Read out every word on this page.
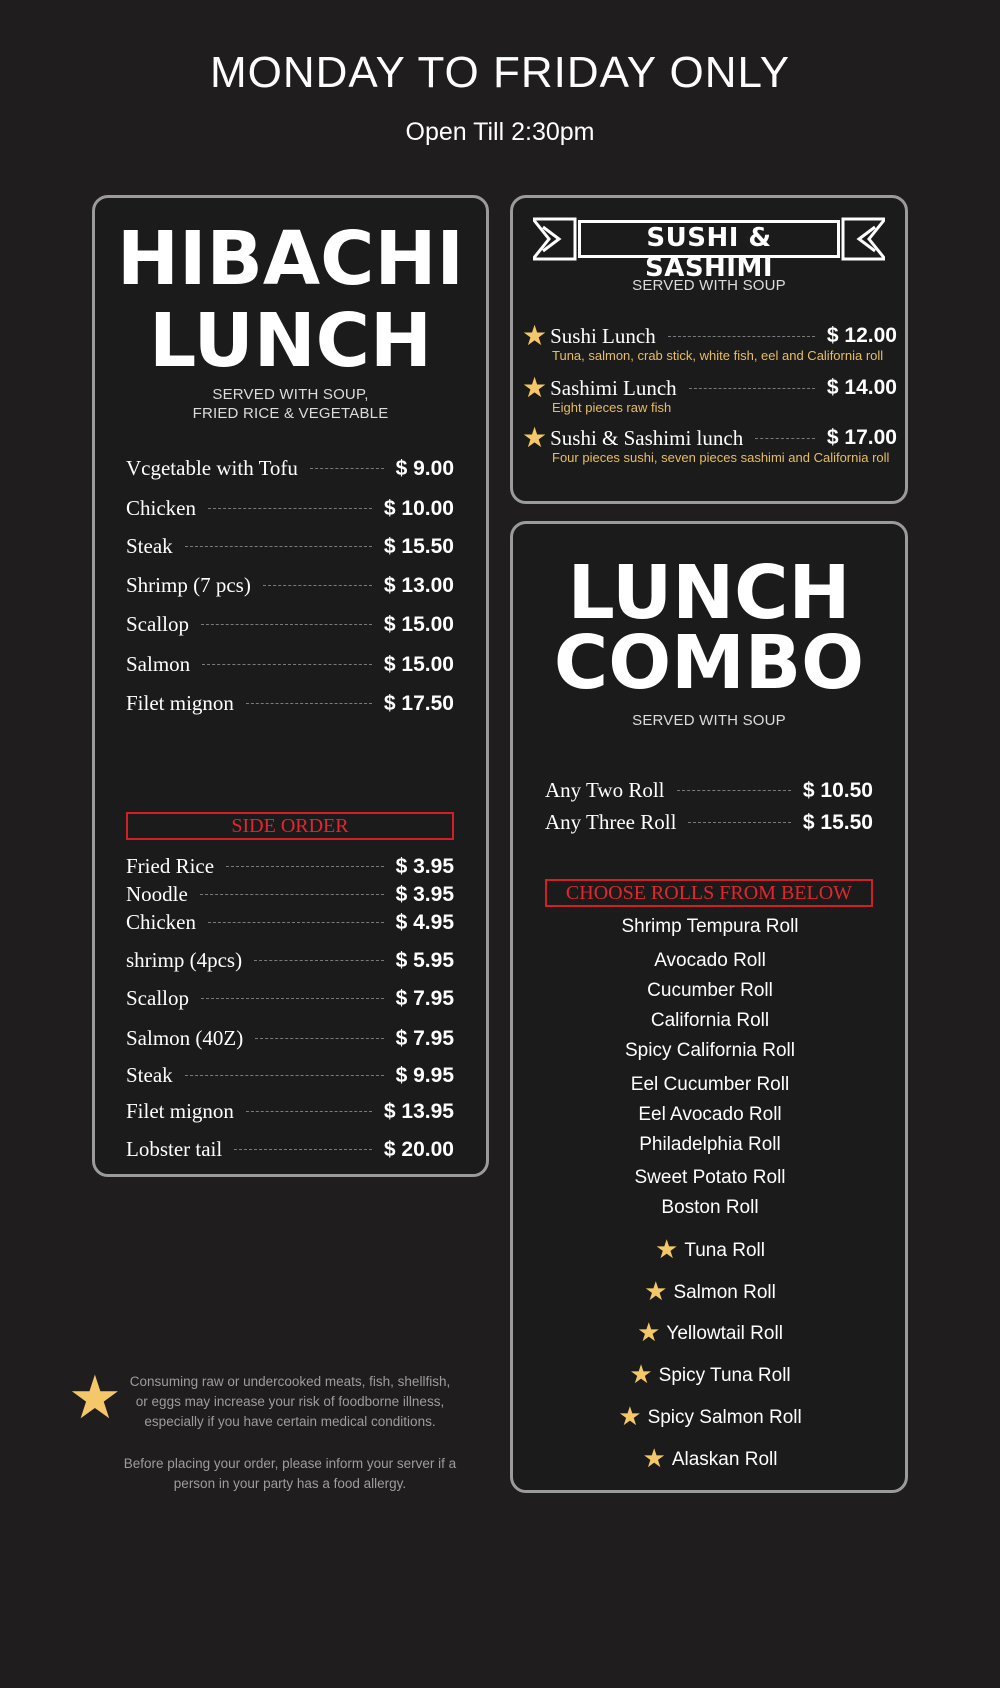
MONDAY TO FRIDAY ONLY
Open Till 2:30pm
HIBACHI
LUNCH
SERVED WITH SOUP,
FRIED RICE & VEGETABLE
Vcgetable with Tofu	$ 9.00
Chicken	$ 10.00
Steak	$ 15.50
Shrimp (7 pcs)	$ 13.00
Scallop	$ 15.00
Salmon	$ 15.00
Filet mignon	$ 17.50
SIDE ORDER
Fried Rice	$ 3.95
Noodle	$ 3.95
Chicken	$ 4.95
shrimp (4pcs)	$ 5.95
Scallop	$ 7.95
Salmon (40Z)	$ 7.95
Steak	$ 9.95
Filet mignon	$ 13.95
Lobster tail	$ 20.00
SUSHI & SASHIMI
SERVED WITH SOUP
★ Sushi Lunch	$ 12.00
Tuna, salmon, crab stick, white fish, eel and California roll
★ Sashimi Lunch	$ 14.00
Eight pieces raw fish
★ Sushi & Sashimi lunch	$ 17.00
Four pieces sushi, seven pieces sashimi and California roll
LUNCH
COMBO
SERVED WITH SOUP
Any Two Roll	$ 10.50
Any Three Roll	$ 15.50
CHOOSE ROLLS FROM BELOW
Shrimp Tempura Roll
Avocado Roll
Cucumber Roll
California Roll
Spicy California Roll
Eel Cucumber Roll
Eel Avocado Roll
Philadelphia Roll
Sweet Potato Roll
Boston Roll
★ Tuna Roll
★ Salmon Roll
★ Yellowtail Roll
★ Spicy Tuna Roll
★ Spicy Salmon Roll
★ Alaskan Roll
★ Consuming raw or undercooked meats, fish, shellfish,
or eggs may increase your risk of foodborne illness,
especially if you have certain medical conditions.
Before placing your order, please inform your server if a
person in your party has a food allergy.
